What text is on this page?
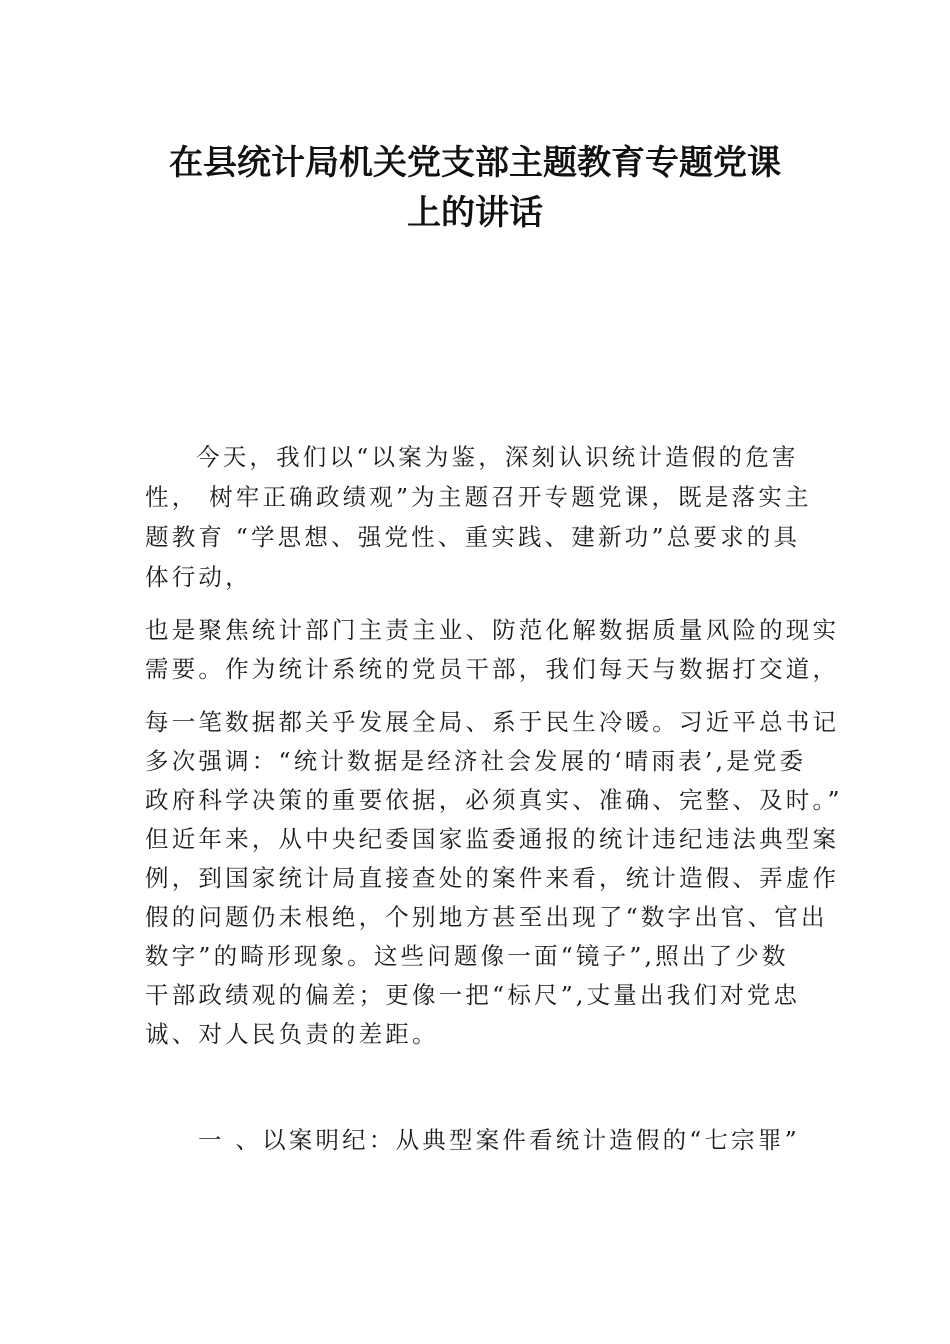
在县统计局机关党支部主题教育专题党课
上的讲话
今天，我们以“以案为鉴，深刻认识统计造假的危害
性， 树牢正确政绩观”为主题召开专题党课，既是落实主
题教育 “学思想、强党性、重实践、建新功”总要求的具
体行动，
也是聚焦统计部门主责主业、防范化解数据质量风险的现实
需要。作为统计系统的党员干部，我们每天与数据打交道，
每一笔数据都关乎发展全局、系于民生冷暖。习近平总书记
多次强调：“统计数据是经济社会发展的‘晴雨表’,是党委
政府科学决策的重要依据，必须真实、准确、完整、及时。”
但近年来，从中央纪委国家监委通报的统计违纪违法典型案
例，到国家统计局直接查处的案件来看，统计造假、弄虚作
假的问题仍未根绝，个别地方甚至出现了“数字出官、官出
数字”的畸形现象。这些问题像一面“镜子”,照出了少数
干部政绩观的偏差；更像一把“标尺”,丈量出我们对党忠
诚、对人民负责的差距。
一 、以案明纪：从典型案件看统计造假的“七宗罪”
